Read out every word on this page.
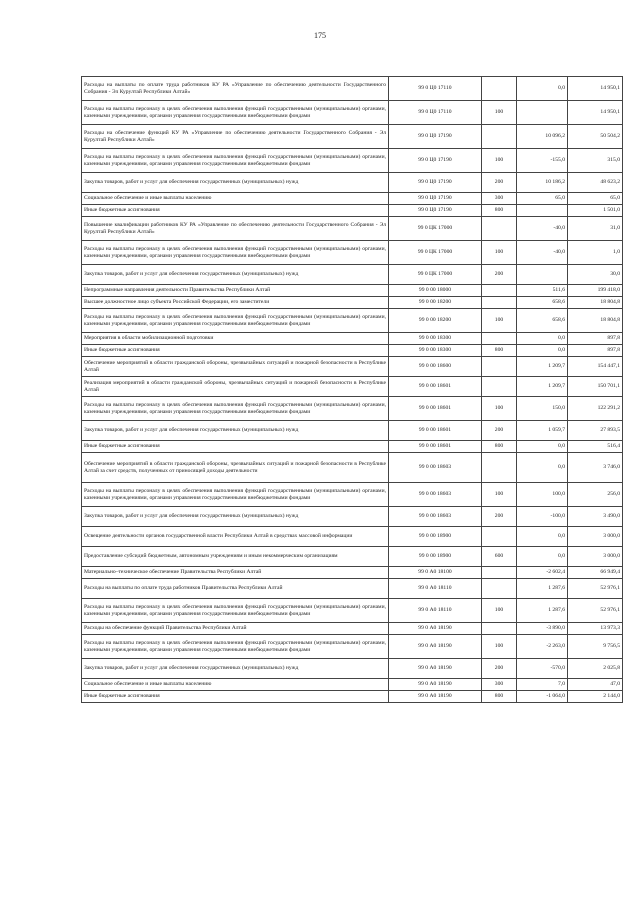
175
Расходы на выплаты по оплате труда работников КУ РА «Управление по обеспечению деятельности Государственного Собрания - Эл Курултай Республики Алтай»	99 0 Ц0 17110		0,0	14 950,1
Расходы на выплаты персоналу в целях обеспечения выполнения функций государственными (муниципальными) органами, казенными учреждениями, органами управления государственными внебюджетными фондами	99 0 Ц0 17110	100		14 950,1
Расходы на обеспечение функций КУ РА «Управление по обеспечению деятельности Государственного Собрания - Эл Курултай Республики Алтай»	99 0 Ц0 17190		10 096,2	50 504,2
Расходы на выплаты персоналу в целях обеспечения выполнения функций государственными (муниципальными) органами, казенными учреждениями, органами управления государственными внебюджетными фондами	99 0 Ц0 17190	100	-155,0	315,0
Закупка товаров, работ и услуг для обеспечения государственных (муниципальных) нужд	99 0 Ц0 17190	200	10 186,2	48 623,2
Социальное обеспечение и иные выплаты населению	99 0 Ц0 17190	300	65,0	65,0
Иные бюджетные ассигнования	99 0 Ц0 17190	800		1 501,0
Повышение квалификации работников КУ РА «Управление по обеспечению деятельности Государственного Собрания - Эл Курултай Республики Алтай»	99 0 ЦК 17000		-40,0	31,0
Расходы на выплаты персоналу в целях обеспечения выполнения функций государственными (муниципальными) органами, казенными учреждениями, органами управления государственными внебюджетными фондами	99 0 ЦК 17000	100	-40,0	1,0
Закупка товаров, работ и услуг для обеспечения государственных (муниципальных) нужд	99 0 ЦК 17000	200		30,0
Непрограммные направления деятельности Правительства Республики Алтай	99 0 00 18000		511,6	199 418,0
Высшее должностное лицо субъекта Российской Федерации, его заместители	99 0 00 18200		658,6	18 804,8
Расходы на выплаты персоналу в целях обеспечения выполнения функций государственными (муниципальными) органами, казенными учреждениями, органами управления государственными внебюджетными фондами	99 0 00 18200	100	658,6	18 804,8
Мероприятия в области мобилизационной подготовки	99 0 00 18300		0,0	897,8
Иные бюджетные ассигнования	99 0 00 18300	800	0,0	897,8
Обеспечение мероприятий в области гражданской обороны, чрезвычайных ситуаций и пожарной безопасности в Республике Алтай	99 0 00 18600		1 209,7	154 447,1
Реализация мероприятий в области гражданской обороны, чрезвычайных ситуаций и пожарной безопасности в Республике Алтай	99 0 00 18601		1 209,7	150 701,1
Расходы на выплаты персоналу в целях обеспечения выполнения функций государственными (муниципальными) органами, казенными учреждениями, органами управления государственными внебюджетными фондами	99 0 00 18601	100	150,0	122 291,2
Закупка товаров, работ и услуг для обеспечения государственных (муниципальных) нужд	99 0 00 18601	200	1 059,7	27 893,5
Иные бюджетные ассигнования	99 0 00 18601	800	0,0	516,4
Обеспечение мероприятий в области гражданской обороны, чрезвычайных ситуаций и пожарной безопасности в Республике Алтай за счет средств, полученных от приносящей доходы деятельности	99 0 00 18603		0,0	3 746,0
Расходы на выплаты персоналу в целях обеспечения выполнения функций государственными (муниципальными) органами, казенными учреждениями, органами управления государственными внебюджетными фондами	99 0 00 18603	100	100,0	256,0
Закупка товаров, работ и услуг для обеспечения государственных (муниципальных) нужд	99 0 00 18603	200	-100,0	3 490,0
Освещение деятельности органов государственной власти Республики Алтай в средствах массовой информации	99 0 00 18900		0,0	3 000,0
Предоставление субсидий бюджетным, автономным учреждениям и иным некоммерческим организациям	99 0 00 18900	600	0,0	3 000,0
Материально–техническое обеспечение Правительства Республики Алтай	99 0 А0 18100		-2 602,4	66 949,4
Расходы на выплаты по оплате труда работников Правительства Республики Алтай	99 0 А0 18110		1 287,6	52 976,1
Расходы на выплаты персоналу в целях обеспечения выполнения функций государственными (муниципальными) органами, казенными учреждениями, органами управления государственными внебюджетными фондами	99 0 А0 18110	100	1 287,6	52 976,1
Расходы на обеспечение функций Правительства Республики Алтай	99 0 А0 18190		-3 890,0	13 973,3
Расходы на выплаты персоналу в целях обеспечения выполнения функций государственными (муниципальными) органами, казенными учреждениями, органами управления государственными внебюджетными фондами	99 0 А0 18190	100	-2 263,0	9 756,5
Закупка товаров, работ и услуг для обеспечения государственных (муниципальных) нужд	99 0 А0 18190	200	-570,0	2 025,8
Социальное обеспечение и иные выплаты населению	99 0 А0 18190	300	7,0	47,0
Иные бюджетные ассигнования	99 0 А0 18190	800	-1 064,0	2 144,0
